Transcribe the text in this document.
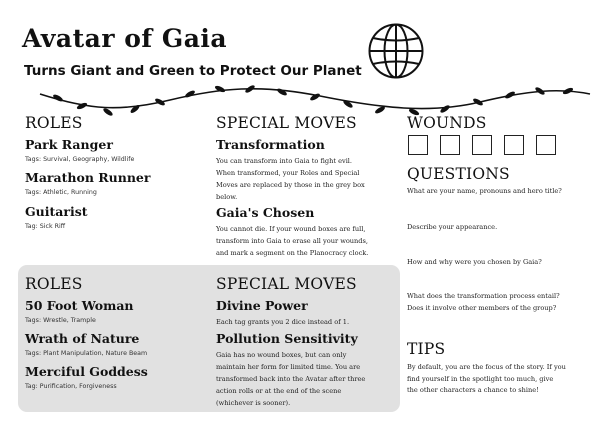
Avatar of Gaia
Turns Giant and Green to Protect Our Planet
ROLES
Park Ranger
Tags: Survival, Geography, Wildlife
Marathon Runner
Tags: Athletic, Running
Guitarist
Tag: Sick Riff
SPECIAL MOVES
Transformation
You can transform into Gaia to fight evil.
When transformed, your Roles and Special
Moves are replaced by those in the grey box
below.
Gaia's Chosen
You cannot die. If your wound boxes are full,
transform into Gaia to erase all your wounds,
and mark a segment on the Planocracy clock.
ROLES
50 Foot Woman
Tags: Wrestle, Trample
Wrath of Nature
Tags: Plant Manipulation, Nature Beam
Merciful Goddess
Tag: Purification, Forgiveness
SPECIAL MOVES
Divine Power
Each tag grants you 2 dice instead of 1.
Pollution Sensitivity
Gaia has no wound boxes, but can only
maintain her form for limited time. You are
transformed back into the Avatar after three
action rolls or at the end of the scene
(whichever is sooner).
WOUNDS
QUESTIONS
What are your name, pronouns and hero title?
Describe your appearance.
How and why were you chosen by Gaia?
What does the transformation process entail?
Does it involve other members of the group?
TIPS
By default, you are the focus of the story. If you
find yourself in the spotlight too much, give
the other characters a chance to shine!
